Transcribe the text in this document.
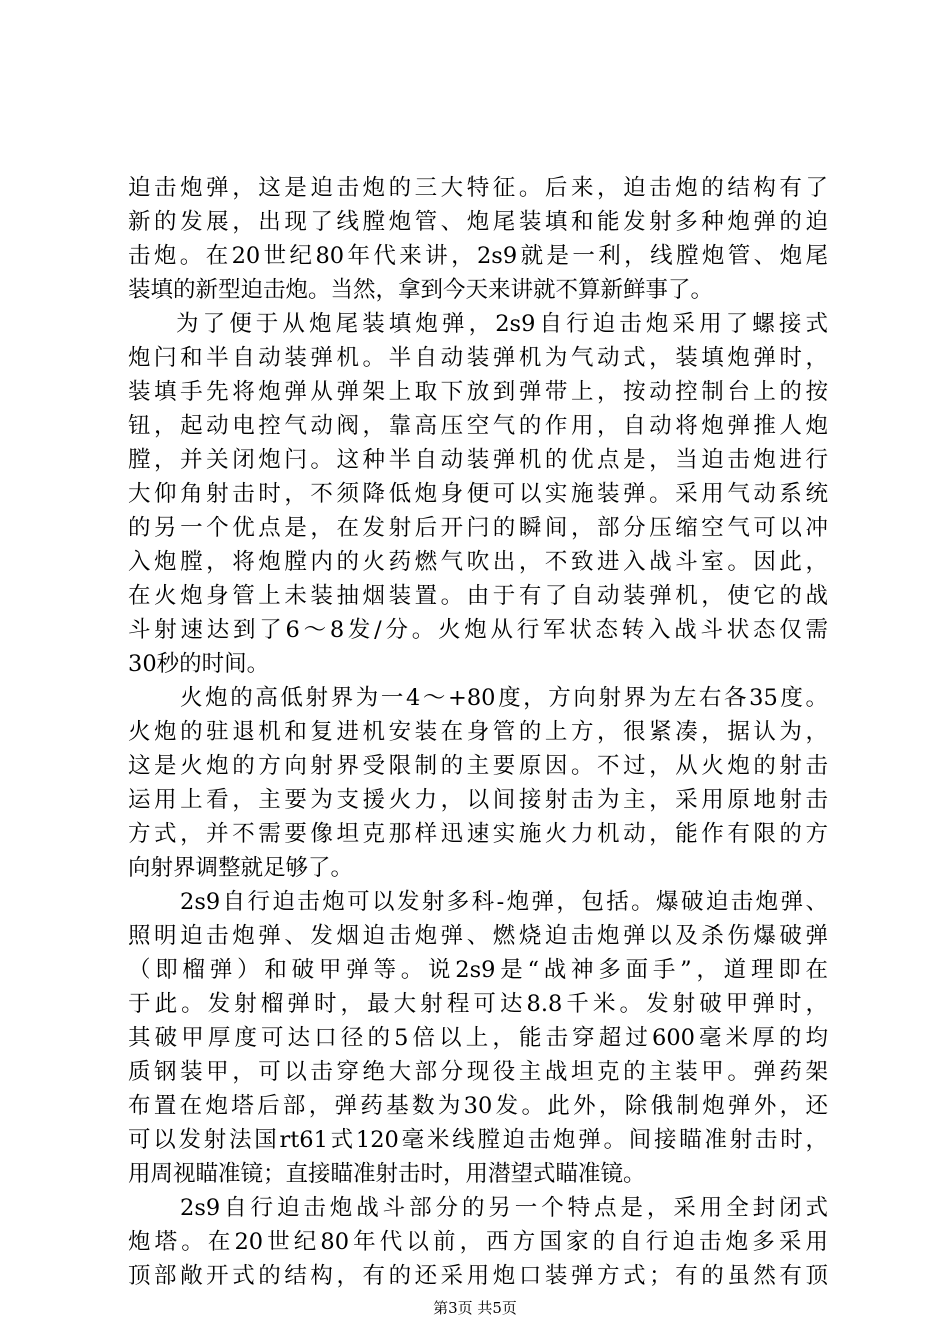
迫击炮弹，这是迫击炮的三大特征。后来，迫击炮的结构有了
新的发展，出现了线膛炮管、炮尾装填和能发射多种炮弹的迫
击炮。在20世纪80年代来讲，2s9就是一利，线膛炮管、炮尾
装填的新型迫击炮。当然，拿到今天来讲就不算新鲜事了。
为了便于从炮尾装填炮弹，2s9自行迫击炮采用了螺接式
炮闩和半自动装弹机。半自动装弹机为气动式，装填炮弹时，
装填手先将炮弹从弹架上取下放到弹带上，按动控制台上的按
钮，起动电控气动阀，靠高压空气的作用，自动将炮弹推人炮
膛，并关闭炮闩。这种半自动装弹机的优点是，当迫击炮进行
大仰角射击时，不须降低炮身便可以实施装弹。采用气动系统
的另一个优点是，在发射后开闩的瞬间，部分压缩空气可以冲
入炮膛，将炮膛内的火药燃气吹出，不致进入战斗室。因此，
在火炮身管上未装抽烟装置。由于有了自动装弹机，使它的战
斗射速达到了6～8发/分。火炮从行军状态转入战斗状态仅需
30秒的时间。
火炮的高低射界为一4～+80度，方向射界为左右各35度。
火炮的驻退机和复进机安装在身管的上方，很紧凑，据认为，
这是火炮的方向射界受限制的主要原因。不过，从火炮的射击
运用上看，主要为支援火力，以间接射击为主，采用原地射击
方式，并不需要像坦克那样迅速实施火力机动，能作有限的方
向射界调整就足够了。
2s9自行迫击炮可以发射多科-炮弹，包括。爆破迫击炮弹、
照明迫击炮弹、发烟迫击炮弹、燃烧迫击炮弹以及杀伤爆破弹
（即榴弹）和破甲弹等。说2s9是“战神多面手”，道理即在
于此。发射榴弹时，最大射程可达8.8千米。发射破甲弹时，
其破甲厚度可达口径的5倍以上，能击穿超过600毫米厚的均
质钢装甲，可以击穿绝大部分现役主战坦克的主装甲。弹药架
布置在炮塔后部，弹药基数为30发。此外，除俄制炮弹外，还
可以发射法国rt61式120毫米线膛迫击炮弹。间接瞄准射击时，
用周视瞄准镜；直接瞄准射击时，用潜望式瞄准镜。
2s9自行迫击炮战斗部分的另一个特点是，采用全封闭式
炮塔。在20世纪80年代以前，西方国家的自行迫击炮多采用
顶部敞开式的结构，有的还采用炮口装弹方式；有的虽然有顶
第3页 共5页
